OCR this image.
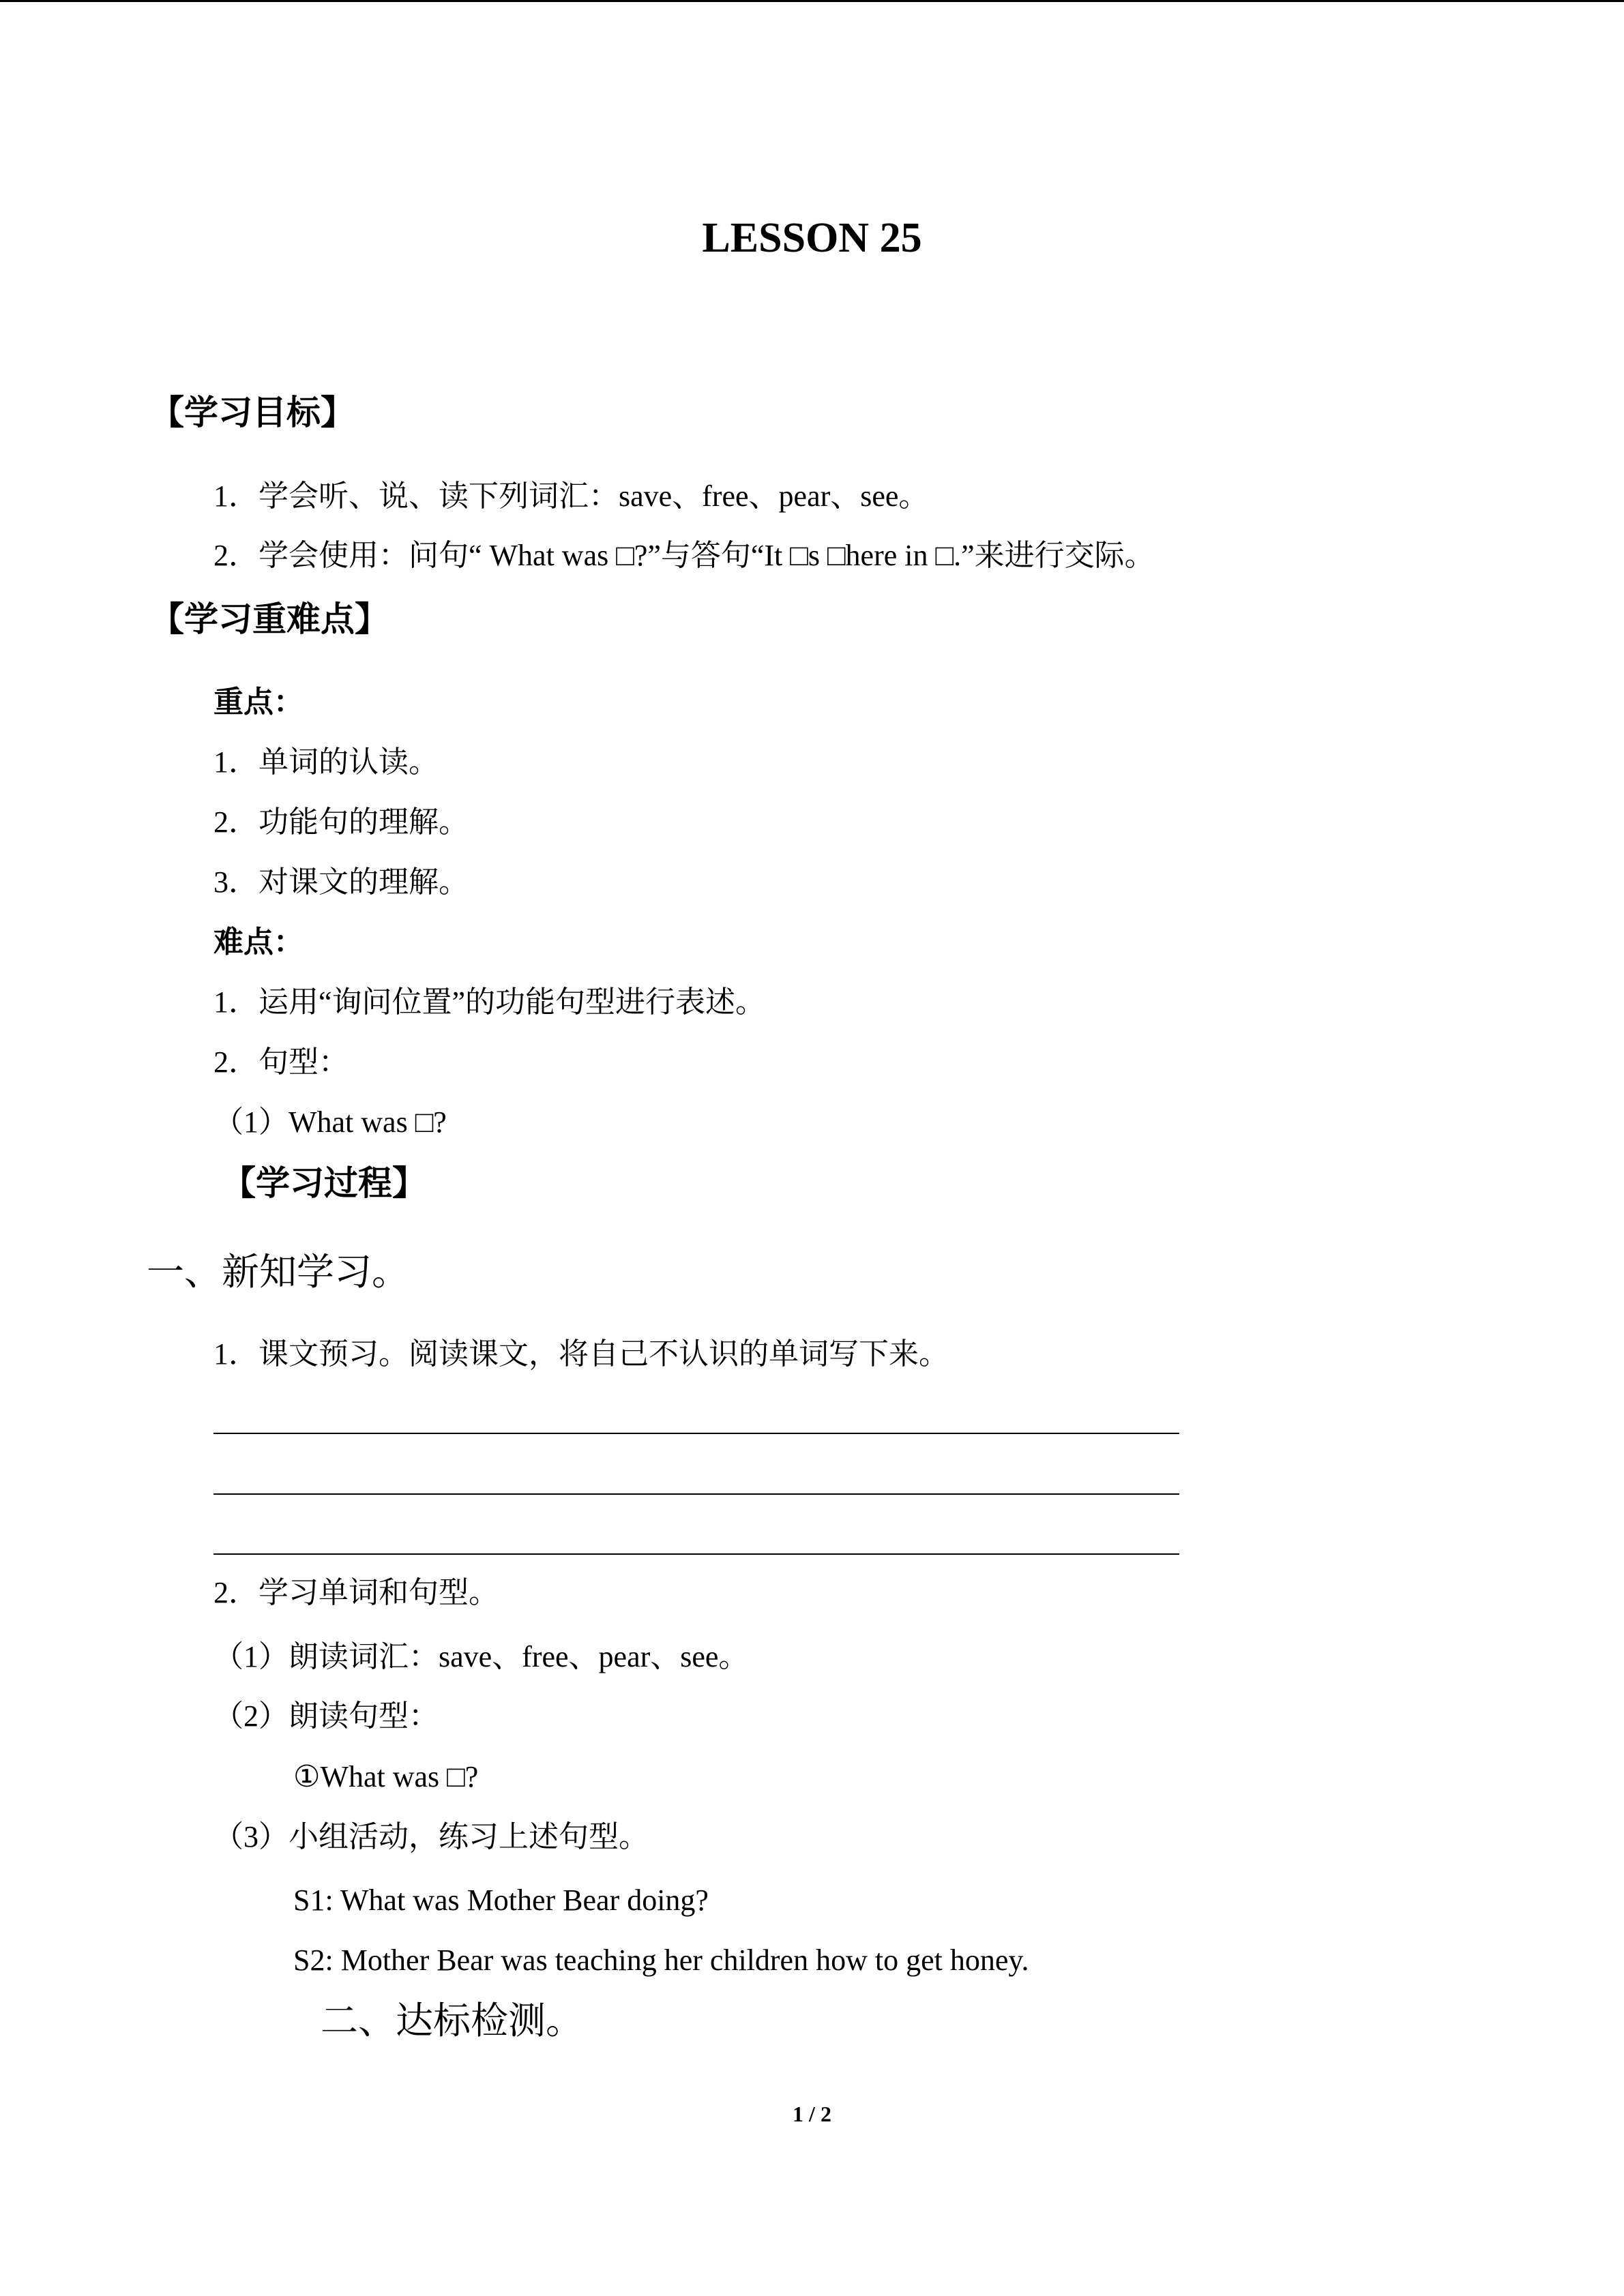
LESSON 25
【学习目标】
1．学会听、说、读下列词汇：save、free、pear、see。
2．学会使用：问句“ What was □?”与答句“It □s □here in □.”来进行交际。
【学习重难点】
重点：
1．单词的认读。
2．功能句的理解。
3．对课文的理解。
难点：
1．运用“询问位置”的功能句型进行表述。
2．句型：
（1）What was □?
【学习过程】
一、新知学习。
1．课文预习。阅读课文，将自己不认识的单词写下来。
2．学习单词和句型。
（1）朗读词汇：save、free、pear、see。
（2）朗读句型：
①What was □?
（3）小组活动，练习上述句型。
S1: What was Mother Bear doing?
S2: Mother Bear was teaching her children how to get honey.
二、达标检测。
1 / 2
